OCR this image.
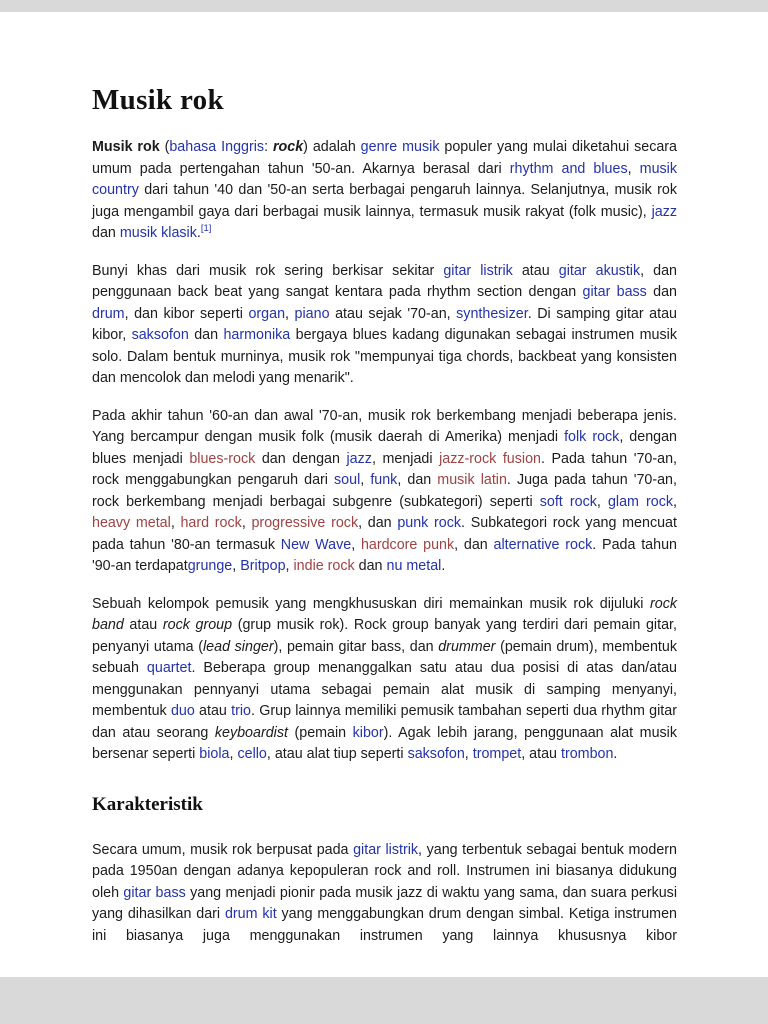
Musik rok

Musik rok (bahasa Inggris: rock) adalah genre musik populer yang mulai diketahui secara umum pada pertengahan tahun '50-an. Akarnya berasal dari rhythm and blues, musik country dari tahun '40 dan '50-an serta berbagai pengaruh lainnya. Selanjutnya, musik rok juga mengambil gaya dari berbagai musik lainnya, termasuk musik rakyat (folk music), jazz dan musik klasik.[1]

Bunyi khas dari musik rok sering berkisar sekitar gitar listrik atau gitar akustik, dan penggunaan back beat yang sangat kentara pada rhythm section dengan gitar bass dan drum, dan kibor seperti organ, piano atau sejak '70-an, synthesizer. Di samping gitar atau kibor, saksofon dan harmonika bergaya blues kadang digunakan sebagai instrumen musik solo. Dalam bentuk murninya, musik rok "mempunyai tiga chords, backbeat yang konsisten dan mencolok dan melodi yang menarik".

Pada akhir tahun '60-an dan awal '70-an, musik rok berkembang menjadi beberapa jenis. Yang bercampur dengan musik folk (musik daerah di Amerika) menjadi folk rock, dengan blues menjadi blues-rock dan dengan jazz, menjadi jazz-rock fusion. Pada tahun '70-an, rock menggabungkan pengaruh dari soul, funk, dan musik latin. Juga pada tahun '70-an, rock berkembang menjadi berbagai subgenre (subkategori) seperti soft rock, glam rock, heavy metal, hard rock, progressive rock, dan punk rock. Subkategori rock yang mencuat pada tahun '80-an termasuk New Wave, hardcore punk, dan alternative rock. Pada tahun '90-an terdapatgrunge, Britpop, indie rock dan nu metal.

Sebuah kelompok pemusik yang mengkhususkan diri memainkan musik rok dijuluki rock band atau rock group (grup musik rok). Rock group banyak yang terdiri dari pemain gitar, penyanyi utama (lead singer), pemain gitar bass, dan drummer (pemain drum), membentuk sebuah quartet. Beberapa group menanggalkan satu atau dua posisi di atas dan/atau menggunakan pennyanyi utama sebagai pemain alat musik di samping menyanyi, membentuk duo atau trio. Grup lainnya memiliki pemusik tambahan seperti dua rhythm gitar dan atau seorang keyboardist (pemain kibor). Agak lebih jarang, penggunaan alat musik bersenar seperti biola, cello, atau alat tiup seperti saksofon, trompet, atau trombon.

Karakteristik

Secara umum, musik rok berpusat pada gitar listrik, yang terbentuk sebagai bentuk modern pada 1950an dengan adanya kepopuleran rock and roll. Instrumen ini biasanya didukung oleh gitar bass yang menjadi pionir pada musik jazz di waktu yang sama, dan suara perkusi yang dihasilkan dari drum kit yang menggabungkan drum dengan simbal. Ketiga instrumen ini biasanya juga menggunakan instrumen yang lainnya khususnya kibor
